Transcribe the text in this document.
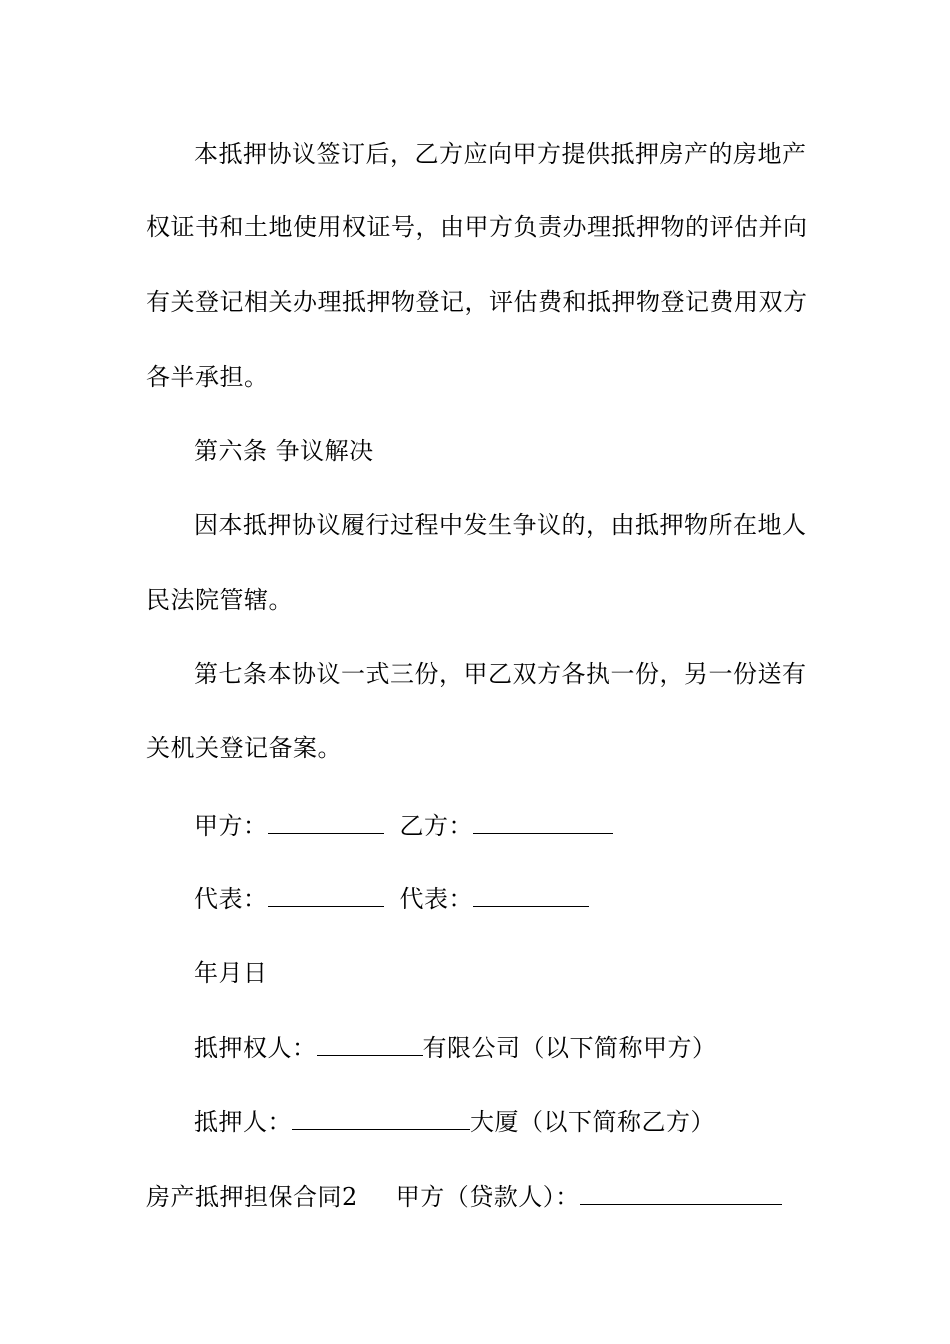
本抵押协议签订后，乙方应向甲方提供抵押房产的房地产
权证书和土地使用权证号，由甲方负责办理抵押物的评估并向
有关登记相关办理抵押物登记，评估费和抵押物登记费用双方
各半承担。
第六条 争议解决
因本抵押协议履行过程中发生争议的，由抵押物所在地人
民法院管辖。
第七条本协议一式三份，甲乙双方各执一份，另一份送有
关机关登记备案。
甲方：	乙方：
代表：	代表：
年月日
抵押权人：	有限公司（以下简称甲方）
抵押人：	大厦（以下简称乙方）
房产抵押担保合同2 甲方（贷款人）：
